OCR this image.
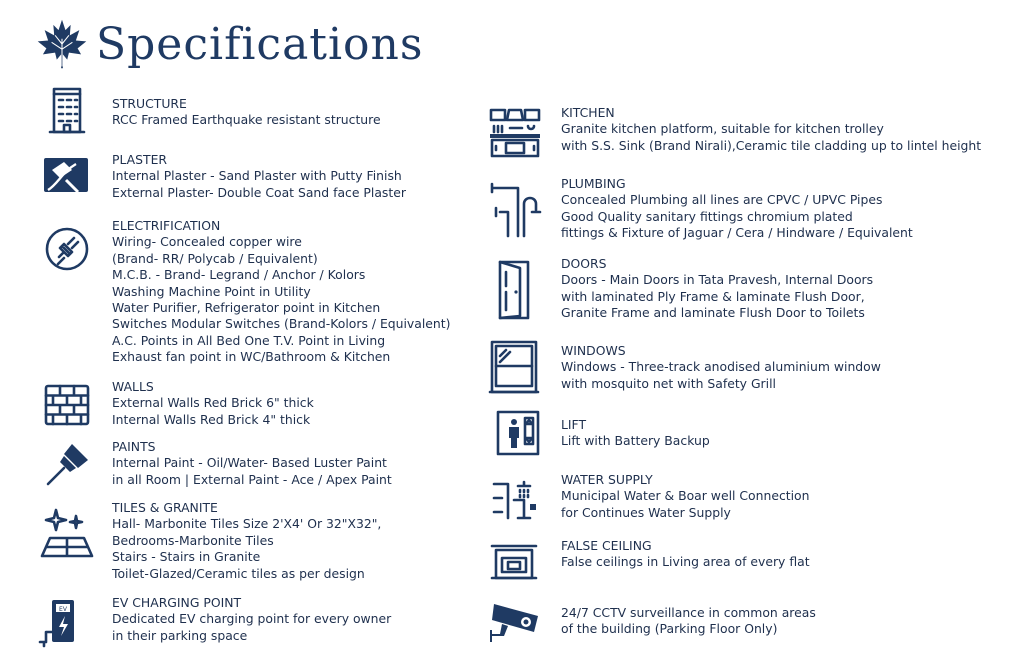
Specifications
STRUCTURE
RCC Framed Earthquake resistant structure
PLASTER
Internal Plaster - Sand Plaster with Putty Finish
External Plaster- Double Coat Sand face Plaster
ELECTRIFICATION
Wiring- Concealed copper wire
(Brand- RR/ Polycab / Equivalent)
M.C.B. - Brand- Legrand / Anchor / Kolors
Washing Machine Point in Utility
Water Purifier, Refrigerator point in Kitchen
Switches Modular Switches (Brand-Kolors / Equivalent)
A.C. Points in All Bed One T.V. Point in Living
Exhaust fan point in WC/Bathroom & Kitchen
WALLS
External Walls Red Brick 6" thick
Internal Walls Red Brick 4" thick
PAINTS
Internal Paint - Oil/Water- Based Luster Paint
in all Room | External Paint - Ace / Apex Paint
TILES & GRANITE
Hall- Marbonite Tiles Size 2'X4' Or 32"X32",
Bedrooms-Marbonite Tiles
Stairs - Stairs in Granite
Toilet-Glazed/Ceramic tiles as per design
EV	EV CHARGING POINT
Dedicated EV charging point for every owner
in their parking space
KITCHEN
Granite kitchen platform, suitable for kitchen trolley
with S.S. Sink (Brand Nirali),Ceramic tile cladding up to lintel height
PLUMBING
Concealed Plumbing all lines are CPVC / UPVC Pipes
Good Quality sanitary fittings chromium plated
fittings & Fixture of Jaguar / Cera / Hindware / Equivalent
DOORS
Doors - Main Doors in Tata Pravesh, Internal Doors
with laminated Ply Frame & laminate Flush Door,
Granite Frame and laminate Flush Door to Toilets
WINDOWS
Windows - Three-track anodised aluminium window
with mosquito net with Safety Grill
LIFT
Lift with Battery Backup
WATER SUPPLY
Municipal Water & Boar well Connection
for Continues Water Supply
FALSE CEILING
False ceilings in Living area of every flat
24/7 CCTV surveillance in common areas
of the building (Parking Floor Only)
